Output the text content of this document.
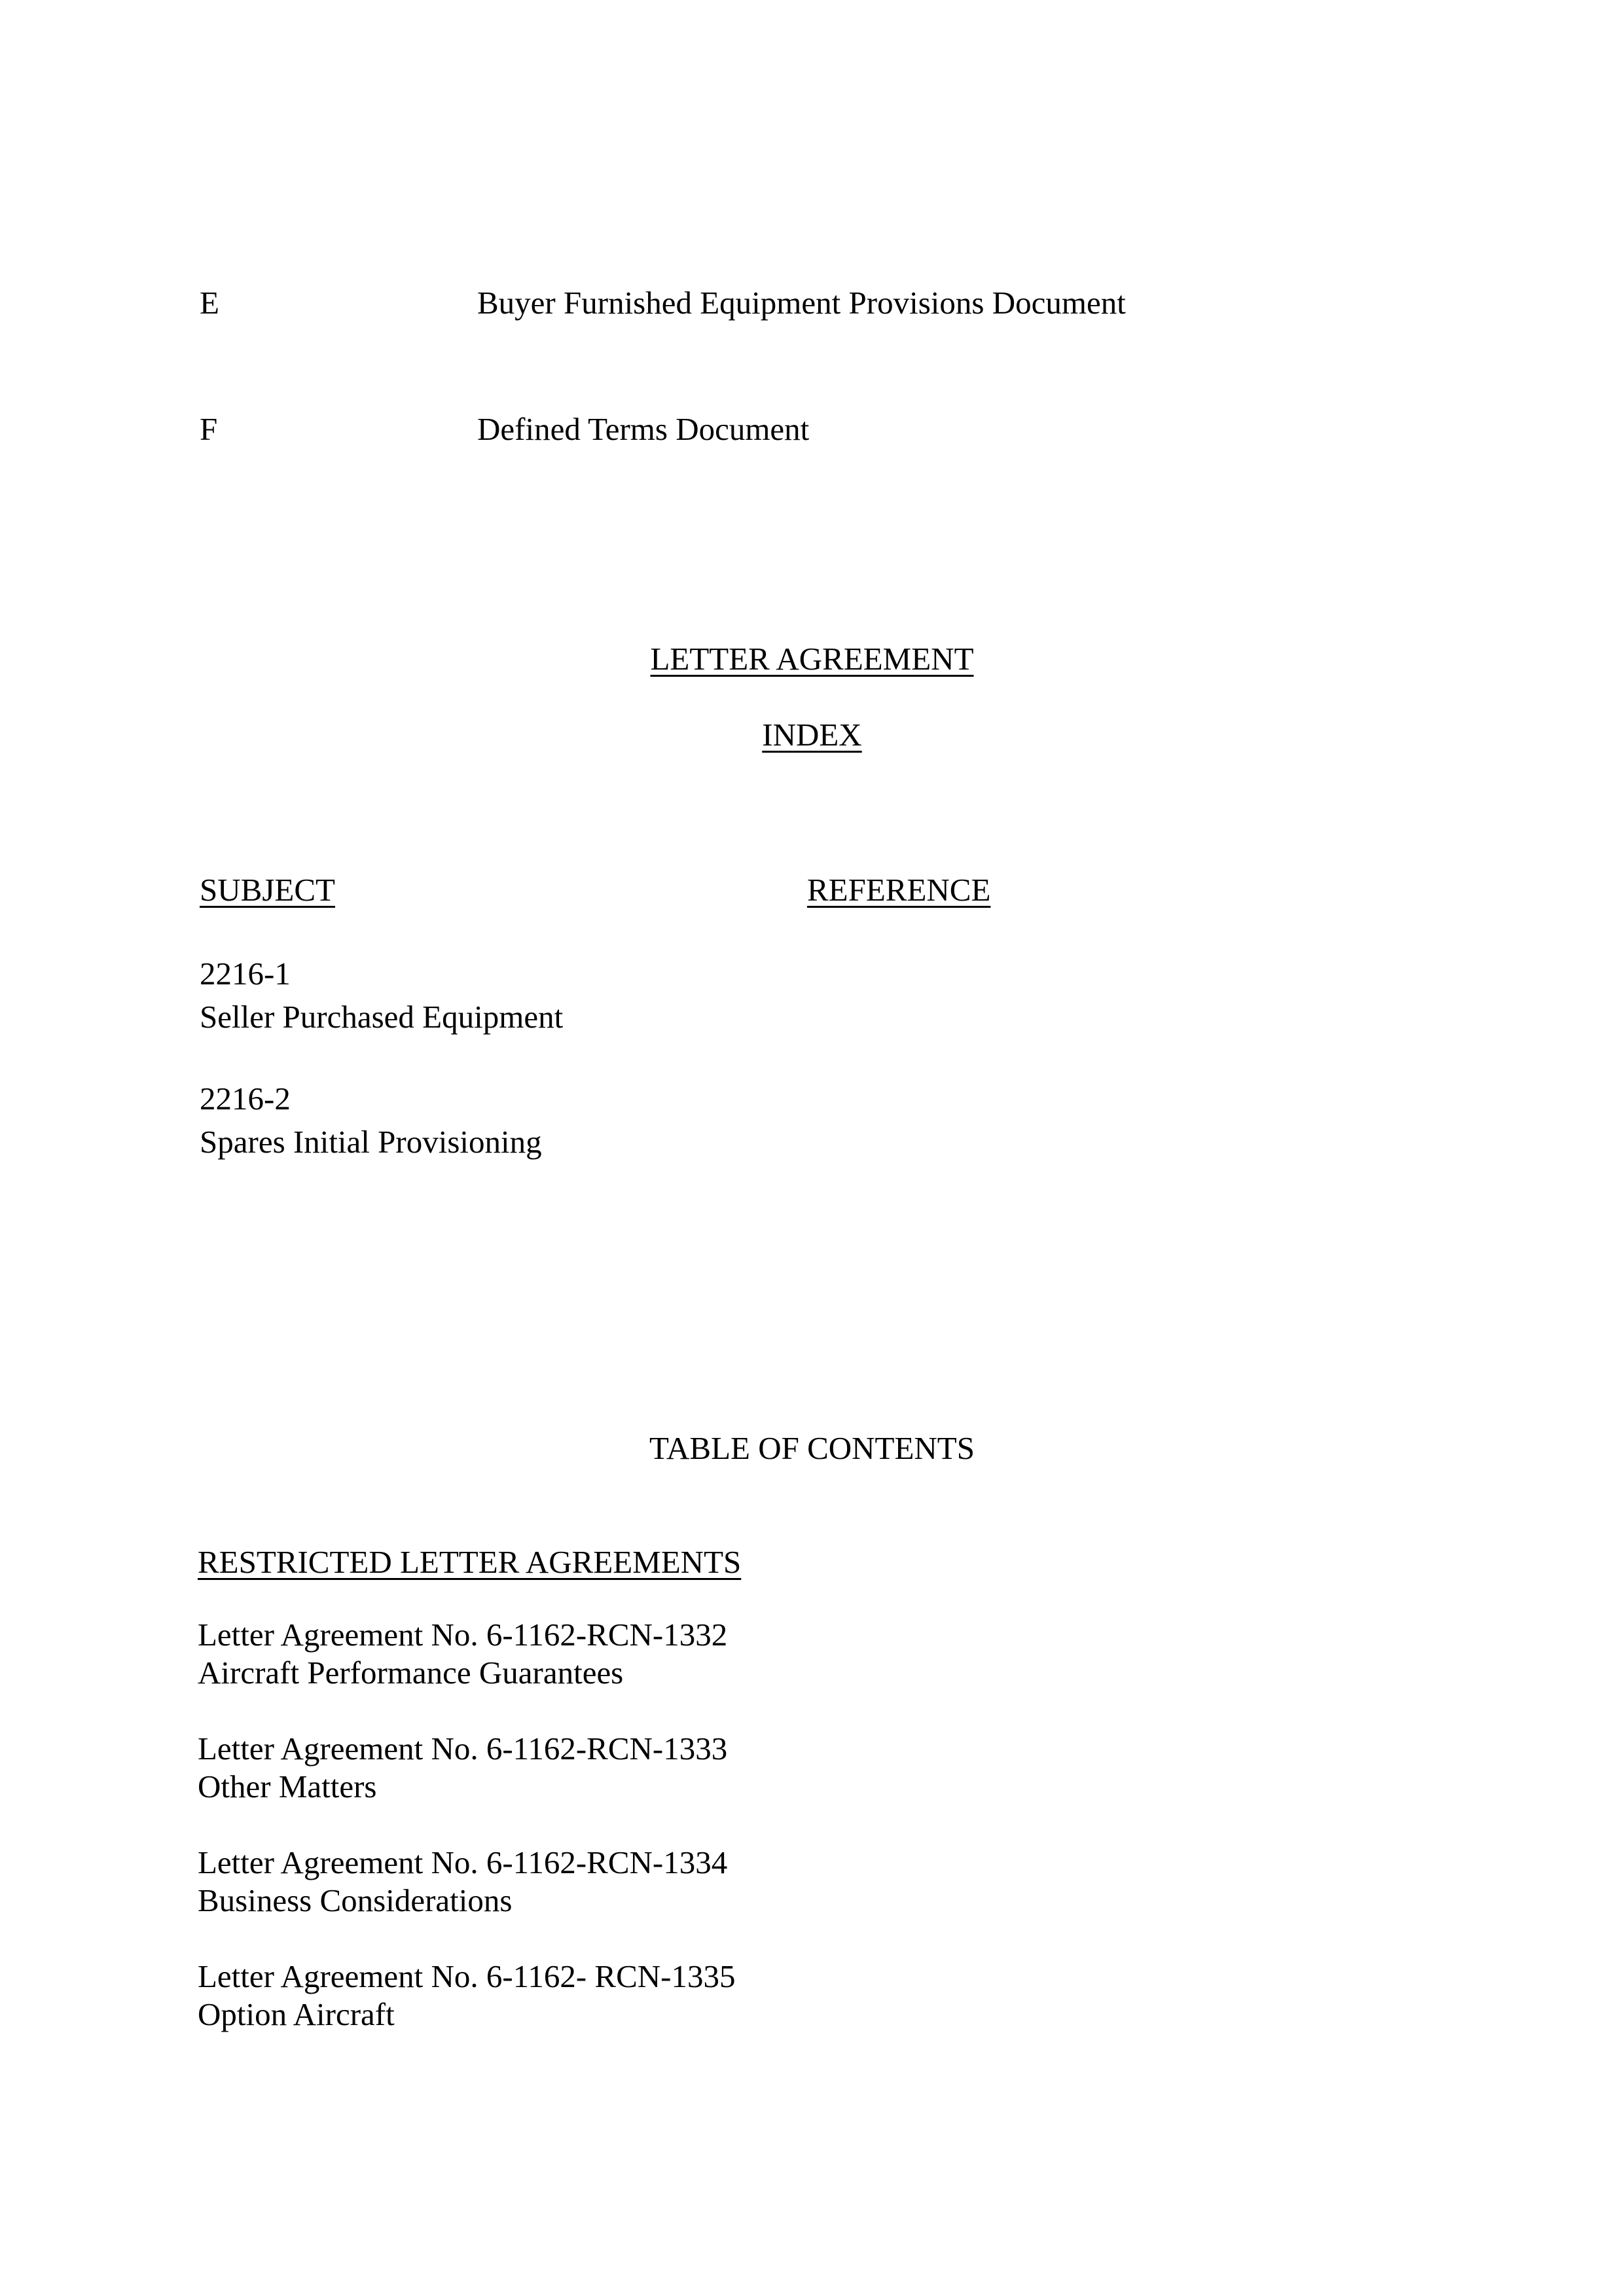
E	Buyer Furnished Equipment Provisions Document
F	Defined Terms Document
LETTER AGREEMENT
INDEX
SUBJECT	REFERENCE
2216-1
Seller Purchased Equipment
2216-2
Spares Initial Provisioning
TABLE OF CONTENTS
RESTRICTED LETTER AGREEMENTS
Letter Agreement No. 6-1162-RCN-1332
Aircraft Performance Guarantees
Letter Agreement No. 6-1162-RCN-1333
Other Matters
Letter Agreement No. 6-1162-RCN-1334
Business Considerations
Letter Agreement No. 6-1162- RCN-1335
Option Aircraft
